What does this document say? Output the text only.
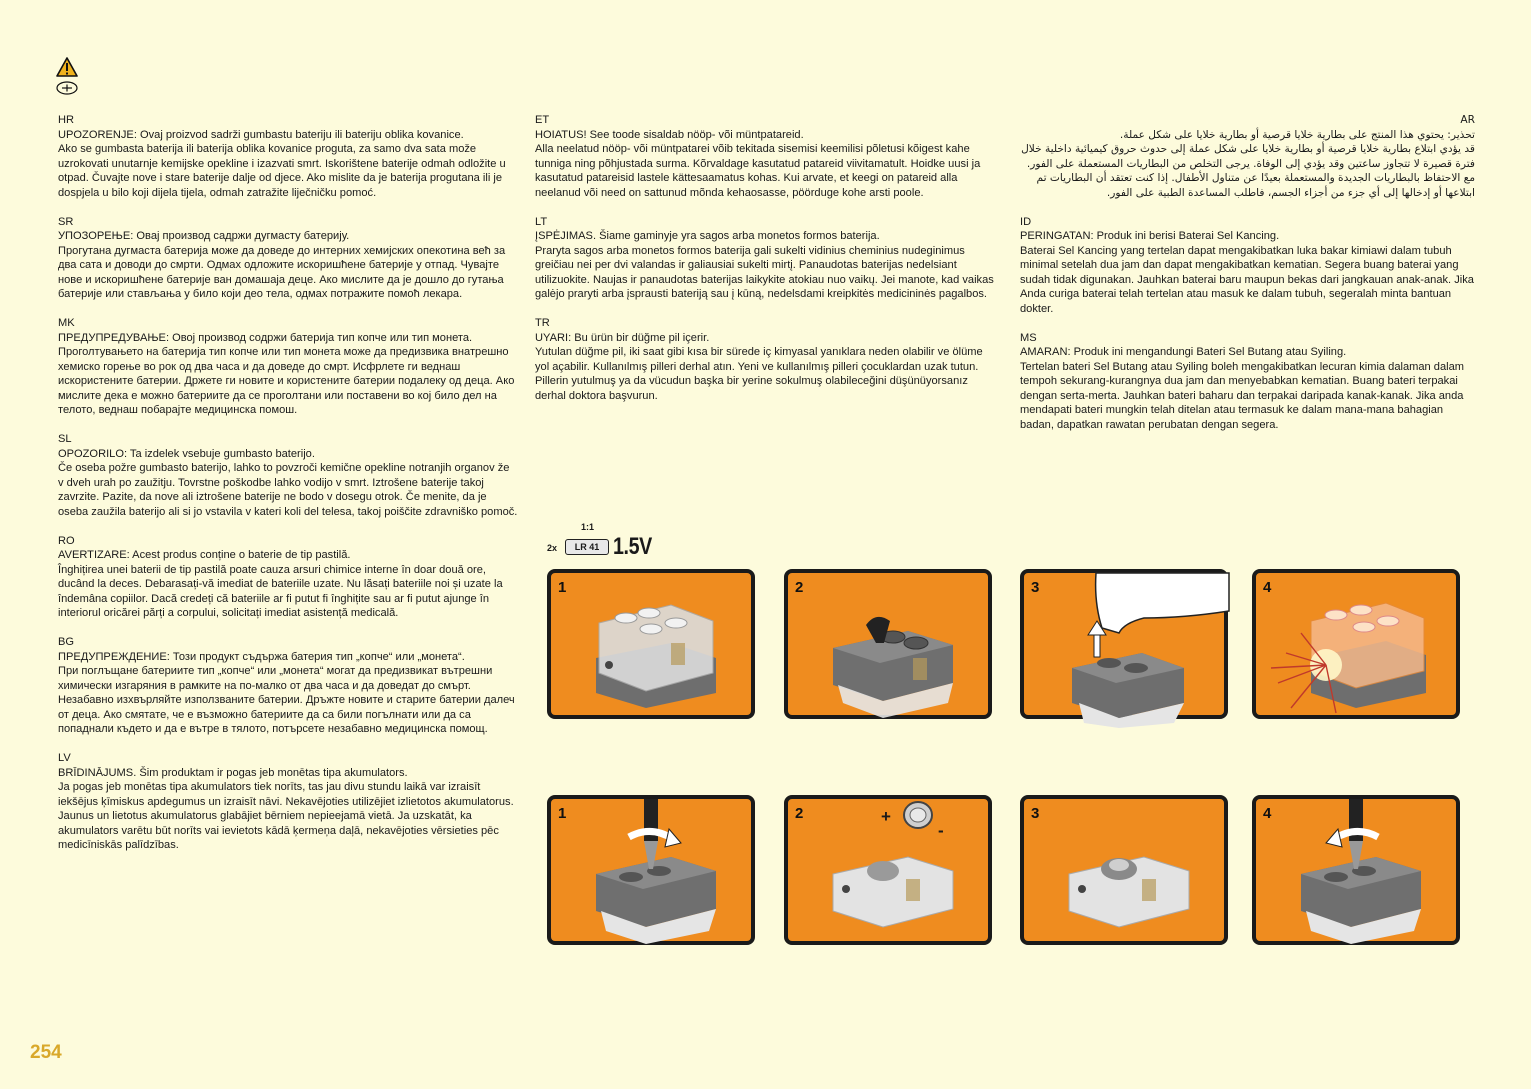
HR

UPOZORENJE: Ovaj proizvod sadrži gumbastu bateriju ili bateriju oblika kovanice.

Ako se gumbasta baterija ili baterija oblika kovanice proguta, za samo dva sata može uzrokovati unutarnje kemijske opekline i izazvati smrt. Iskorištene baterije odmah odložite u otpad. Čuvajte nove i stare baterije dalje od djece. Ako mislite da je baterija progutana ili je dospjela u bilo koji dijela tijela, odmah zatražite liječničku pomoć.

SR

УПОЗОРЕЊЕ: Овај производ садржи дугмасту батерију.

Прогутана дугмаста батерија може да доведе до интерних хемијских опекотина већ за два сата и доводи до смрти. Одмах одложите искоришћене батерије у отпад. Чувајте нове и искоришћене батерије ван домашаја деце. Ако мислите да је дошло до гутања батерије или стављања у било који део тела, одмах потражите помоћ лекара.

MK

ПРЕДУПРЕДУВАЊЕ: Овој производ содржи батерија тип копче или тип монета.

Проголтувањето на батерија тип копче или тип монета може да предизвика внатрешно хемиско горење во рок од два часа и да доведе до смрт. Исфрлете ги веднаш искористените батерии. Држете ги новите и користените батерии подалеку од деца. Ако мислите дека е можно батериите да се проголтани или поставени во кој било дел на телото, веднаш побарајте медицинска помош.

SL

OPOZORILO: Ta izdelek vsebuje gumbasto baterijo.

Če oseba požre gumbasto baterijo, lahko to povzroči kemične opekline notranjih organov že v dveh urah po zaužitju. Tovrstne poškodbe lahko vodijo v smrt. Iztrošene baterije takoj zavrzite. Pazite, da nove ali iztrošene baterije ne bodo v dosegu otrok. Če menite, da je oseba zaužila baterijo ali si jo vstavila v kateri koli del telesa, takoj poiščite zdravniško pomoč.

RO

AVERTIZARE: Acest produs conține o baterie de tip pastilă.

Înghițirea unei baterii de tip pastilă poate cauza arsuri chimice interne în doar două ore, ducând la deces. Debarasați-vă imediat de bateriile uzate. Nu lăsați bateriile noi și uzate la îndemâna copiilor. Dacă credeți că bateriile ar fi putut fi înghițite sau ar fi putut ajunge în interiorul oricărei părți a corpului, solicitați imediat asistență medicală.

BG

ПРЕДУПРЕЖДЕНИЕ: Този продукт съдържа батерия тип „копче“ или „монета“.

При поглъщане батериите тип „копче“ или „монета“ могат да предизвикат вътрешни химически изгаряния в рамките на по-малко от два часа и да доведат до смърт. Незабавно изхвърляйте използваните батерии. Дръжте новите и старите батерии далеч от деца. Ако смятате, че е възможно батериите да са били погълнати или да са попаднали където и да е вътре в тялото, потърсете незабавно медицинска помощ.

LV

BRĪDINĀJUMS. Šim produktam ir pogas jeb monētas tipa akumulators.

Ja pogas jeb monētas tipa akumulators tiek norīts, tas jau divu stundu laikā var izraisīt iekšējus ķīmiskus apdegumus un izraisīt nāvi. Nekavējoties utilizējiet izlietotos akumulatorus. Jaunus un lietotus akumulatorus glabājiet bērniem nepieejamā vietā. Ja uzskatāt, ka akumulators varētu būt norīts vai ievietots kādā ķermeņa daļā, nekavējoties vērsieties pēc medicīniskās palīdzības.

ET

HOIATUS! See toode sisaldab nööp- või müntpatareid.

Alla neelatud nööp- või müntpatarei võib tekitada sisemisi keemilisi põletusi kõigest kahe tunniga ning põhjustada surma. Kõrvaldage kasutatud patareid viivitamatult. Hoidke uusi ja kasutatud patareisid lastele kättesaamatus kohas. Kui arvate, et keegi on patareid alla neelanud või need on sattunud mõnda kehaosasse, pöörduge kohe arsti poole.

LT

ĮSPĖJIMAS. Šiame gaminyje yra sagos arba monetos formos baterija.

Praryta sagos arba monetos formos baterija gali sukelti vidinius cheminius nudeginimus greičiau nei per dvi valandas ir galiausiai sukelti mirtį. Panaudotas baterijas nedelsiant utilizuokite. Naujas ir panaudotas baterijas laikykite atokiau nuo vaikų. Jei manote, kad vaikas galėjo praryti arba įsprausti bateriją sau į kūną, nedelsdami kreipkitės medicininės pagalbos.

TR

UYARI: Bu ürün bir düğme pil içerir.

Yutulan düğme pil, iki saat gibi kısa bir sürede iç kimyasal yanıklara neden olabilir ve ölüme yol açabilir. Kullanılmış pilleri derhal atın. Yeni ve kullanılmış pilleri çocuklardan uzak tutun. Pillerin yutulmuş ya da vücudun başka bir yerine sokulmuş olabileceğini düşünüyorsanız derhal doktora başvurun.

AR

تحذير: يحتوي هذا المنتج على بطارية خلايا قرصية أو بطارية خلايا على شكل عملة.

قد يؤدي ابتلاع بطارية خلايا قرصية أو بطارية خلايا على شكل عملة إلى حدوث حروق كيميائية داخلية خلال فترة قصيرة لا تتجاوز ساعتين وقد يؤدي إلى الوفاة. يرجى التخلص من البطاريات المستعملة على الفور. مع الاحتفاظ بالبطاريات الجديدة والمستعملة بعيدًا عن متناول الأطفال. إذا كنت تعتقد أن البطاريات تم ابتلاعها أو إدخالها إلى أي جزء من أجزاء الجسم، فاطلب المساعدة الطبية على الفور.

ID

PERINGATAN: Produk ini berisi Baterai Sel Kancing.

Baterai Sel Kancing yang tertelan dapat mengakibatkan luka bakar kimiawi dalam tubuh minimal setelah dua jam dan dapat mengakibatkan kematian. Segera buang baterai yang sudah tidak digunakan. Jauhkan baterai baru maupun bekas dari jangkauan anak-anak. Jika Anda curiga baterai telah tertelan atau masuk ke dalam tubuh, segeralah minta bantuan dokter.

MS

AMARAN: Produk ini mengandungi Bateri Sel Butang atau Syiling.

Tertelan bateri Sel Butang atau Syiling boleh mengakibatkan lecuran kimia dalaman dalam tempoh sekurang-kurangnya dua jam dan menyebabkan kematian. Buang bateri terpakai dengan serta-merta. Jauhkan bateri baharu dan terpakai daripada kanak-kanak. Jika anda mendapati bateri mungkin telah ditelan atau termasuk ke dalam mana-mana bahagian badan, dapatkan rawatan perubatan dengan segera.

1:1
2x	LR 41 1.5V
1	2	3	4
1	2	+
-
3	4
254
